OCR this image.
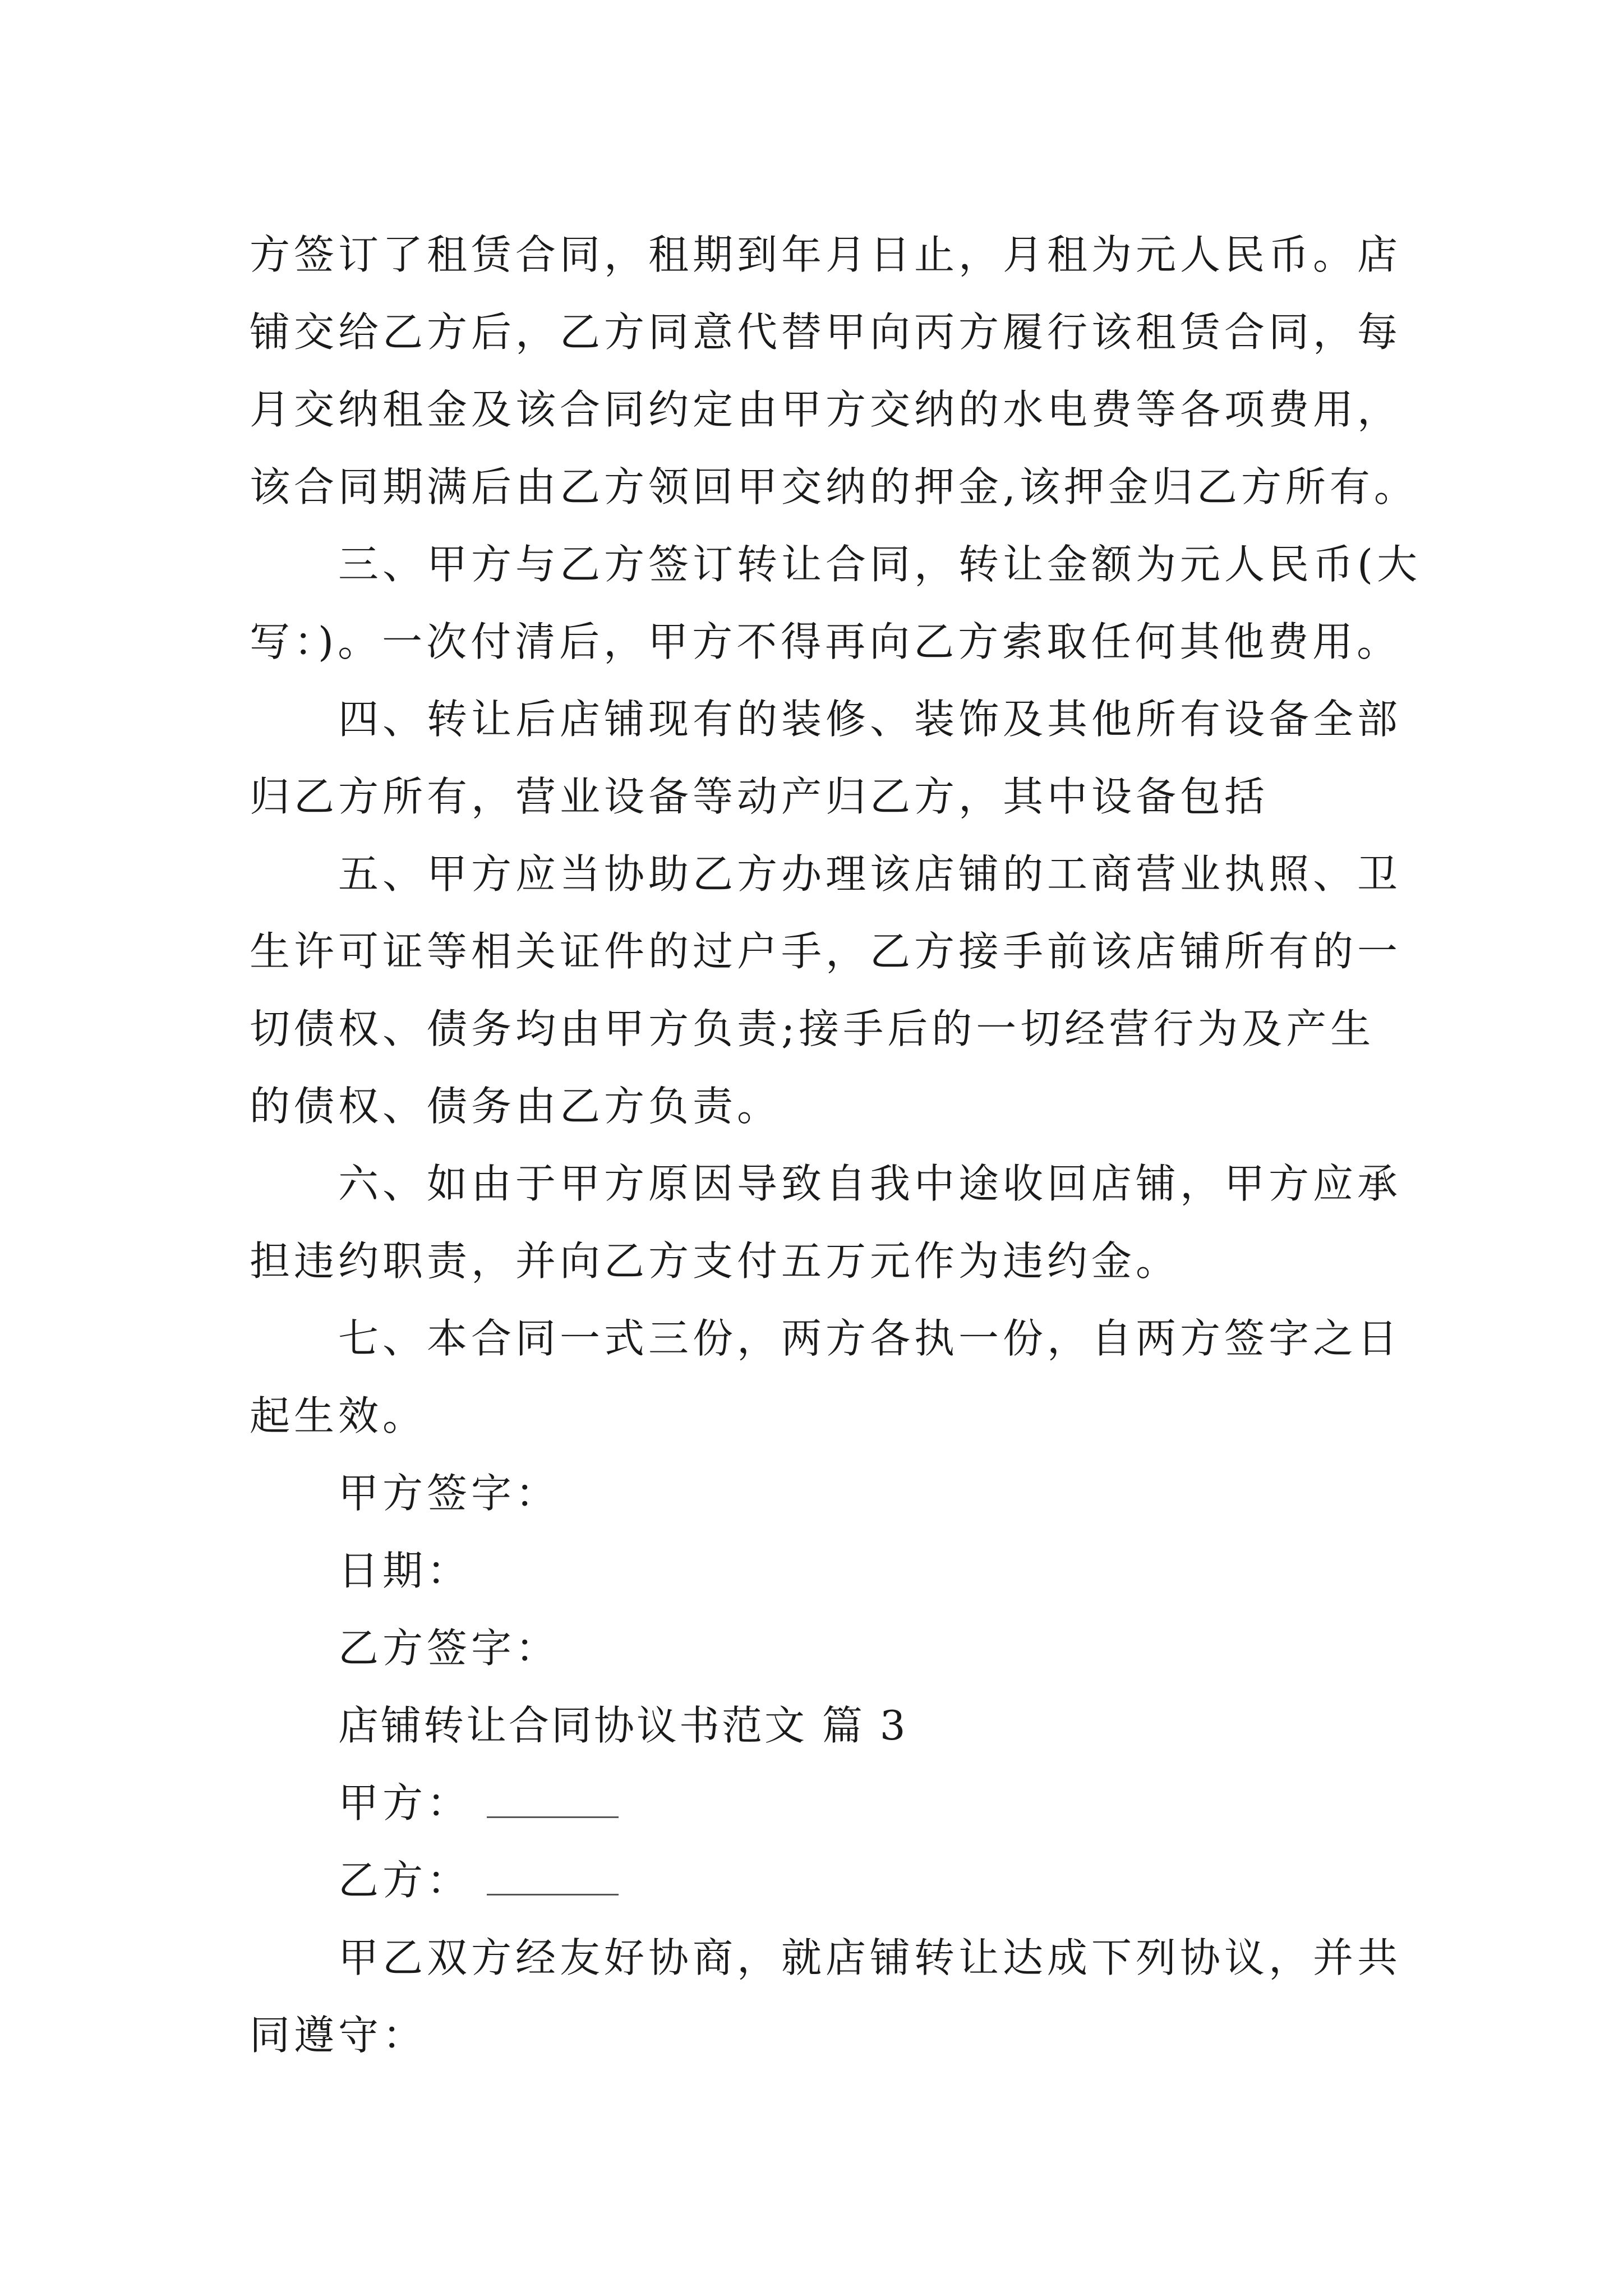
方签订了租赁合同，租期到年月日止，月租为元人民币。店
铺交给乙方后，乙方同意代替甲向丙方履行该租赁合同，每
月交纳租金及该合同约定由甲方交纳的水电费等各项费用，
该合同期满后由乙方领回甲交纳的押金,该押金归乙方所有。
三、甲方与乙方签订转让合同，转让金额为元人民币(大
写：)。一次付清后，甲方不得再向乙方索取任何其他费用。
四、转让后店铺现有的装修、装饰及其他所有设备全部
归乙方所有，营业设备等动产归乙方，其中设备包括
五、甲方应当协助乙方办理该店铺的工商营业执照、卫
生许可证等相关证件的过户手，乙方接手前该店铺所有的一
切债权、债务均由甲方负责;接手后的一切经营行为及产生
的债权、债务由乙方负责。
六、如由于甲方原因导致自我中途收回店铺，甲方应承
担违约职责，并向乙方支付五万元作为违约金。
七、本合同一式三份，两方各执一份，自两方签字之日
起生效。
甲方签字：
日期：
乙方签字：
店铺转让合同协议书范文 篇 3
甲方：
乙方：
甲乙双方经友好协商，就店铺转让达成下列协议，并共
同遵守：
